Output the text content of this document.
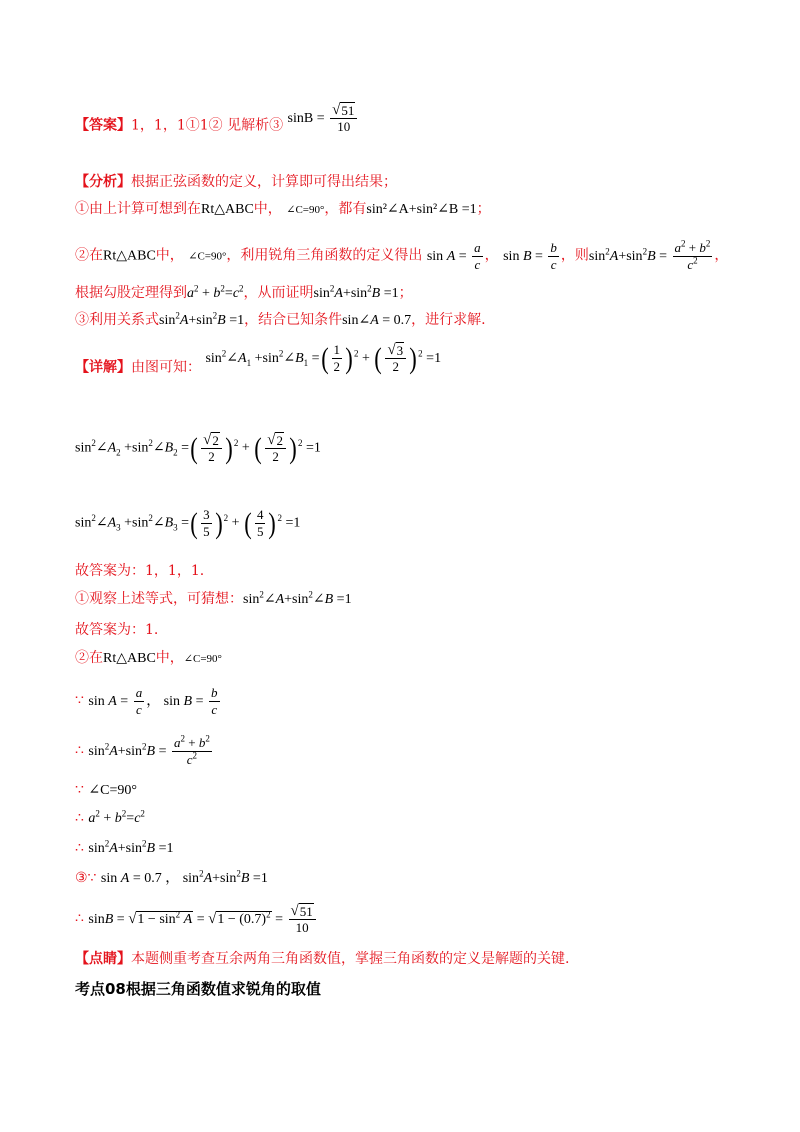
【答案】1，1，1①1② 见解析③ $\sin B = \frac{√ 51}{10}$
【分析】根据正弦函数的定义，计算即可得出结果；
①由上计算可想到在Rt△ABC中， ∠C=90°，都有sin²∠A+sin²∠B =1；
②在Rt△ABC中， ∠C=90°，利用锐角三角函数的定义得出 $\sin A = \frac{a}{c}$ ， $\sin B = \frac{b}{c}$ ，则$\sin^2A+\sin^2B = \frac{a^2 + b^2}{c^2}$ ，
根据勾股定理得到$a^2 + b^2=c^2$，从而证明$\sin^2A+\sin^2B =1$；
③利用关系式$\sin^2A+\sin^2B =1$，结合已知条件sin∠A = 0.7，进行求解.
【详解】由图可知： $\sin^2\angle A_1$ $+\sin^2\angle B_1$ =( $\frac{1}{2} )^2$ + ( $\frac{√ 3}{2} )^2 =1$
$\sin^2\angle A_2$ $+\sin^2\angle B_2$ =( $\frac{√ 2}{2} )^2$ + ( $\frac{√ 2}{2} )^2 =1$
$\sin^2\angle A_3$ $+\sin^2\angle B_3$ =( $\frac{3}{5} )^2$ + ( $\frac{4}{5} )^2 =1$
故答案为：1，1，1.
①观察上述等式，可猜想：$\sin^2\angle A+\sin^2\angle B =1$
故答案为：1.
②在Rt△ABC中，∠C=90°
∵ $\sin A = \frac{a}{c}$ ， $\sin B = \frac{b}{c}$
∴ $\sin^2A+\sin^2B = \frac{a^2 + b^2}{c^2}$
∵ ∠C=90°
∴ $a^2 + b^2=c^2$
∴ $\sin^2A+\sin^2B =1$
③∵ sin A = 0.7 ， $\sin^2A+\sin^2B =1$
∴ sinB = √ $1 - \sin^2 A$ = √ $1 - (0.7)^2 = \frac{√ 51}{10}$
【点睛】本题侧重考查互余两角三角函数值，掌握三角函数的定义是解题的关键.
考点08根据三角函数值求锐角的取值
